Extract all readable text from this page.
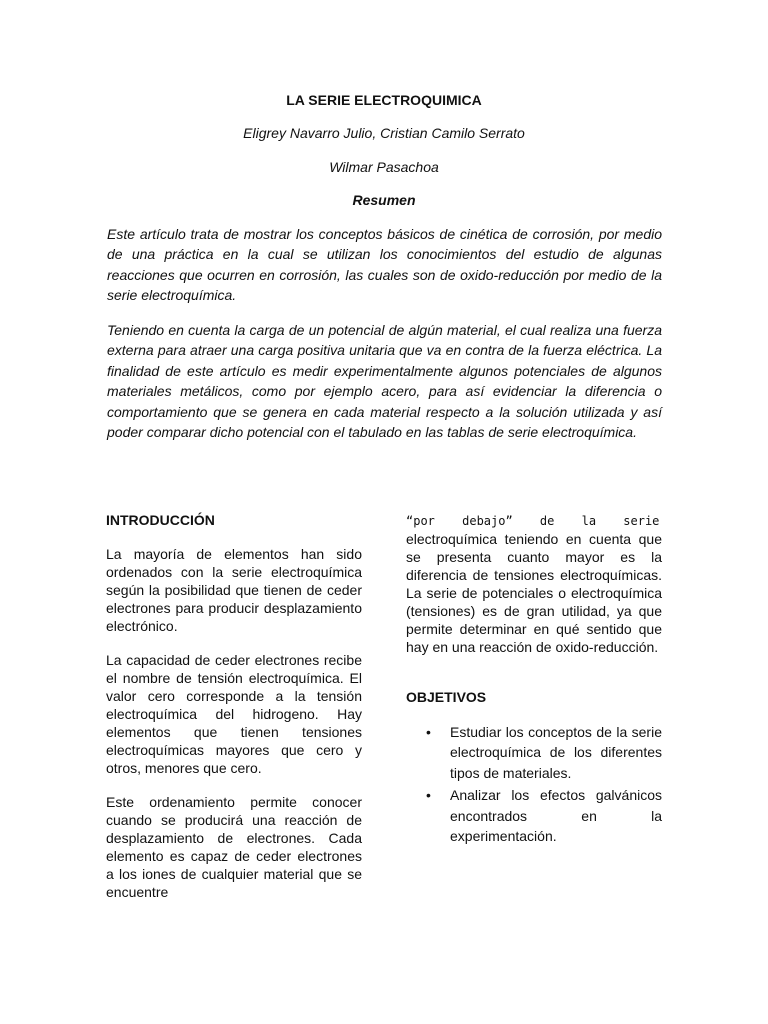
LA SERIE ELECTROQUIMICA

Eligrey Navarro Julio, Cristian Camilo Serrato

Wilmar Pasachoa

Resumen

Este artículo trata de mostrar los conceptos básicos de cinética de corrosión, por medio de una práctica en la cual se utilizan los conocimientos del estudio de algunas reacciones que ocurren en corrosión, las cuales son de oxido-reducción por medio de la serie electroquímica.

Teniendo en cuenta la carga de un potencial de algún material, el cual realiza una fuerza externa para atraer una carga positiva unitaria que va en contra de la fuerza eléctrica. La finalidad de este artículo es medir experimentalmente algunos potenciales de algunos materiales metálicos, como por ejemplo acero, para así evidenciar la diferencia o comportamiento que se genera en cada material respecto a la solución utilizada y así poder comparar dicho potencial con el tabulado en las tablas de serie electroquímica.

INTRODUCCIÓN

La mayoría de elementos han sido ordenados con la serie electroquímica según la posibilidad que tienen de ceder electrones para producir desplazamiento electrónico.

La capacidad de ceder electrones recibe el nombre de tensión electroquímica. El valor cero corresponde a la tensión electroquímica del hidrogeno. Hay elementos que tienen tensiones electroquímicas mayores que cero y otros, menores que cero.

Este ordenamiento permite conocer cuando se producirá una reacción de desplazamiento de electrones. Cada elemento es capaz de ceder electrones a los iones de cualquier material que se encuentre

“por debajo” de la serie
electroquímica teniendo en cuenta que se presenta cuanto mayor es la diferencia de tensiones electroquímicas. La serie de potenciales o electroquímica (tensiones) es de gran utilidad, ya que permite determinar en qué sentido que hay en una reacción de oxido-reducción.

OBJETIVOS

• Estudiar los conceptos de la serie electroquímica de los diferentes tipos de materiales.
• Analizar los efectos galvánicos encontrados en la experimentación.
